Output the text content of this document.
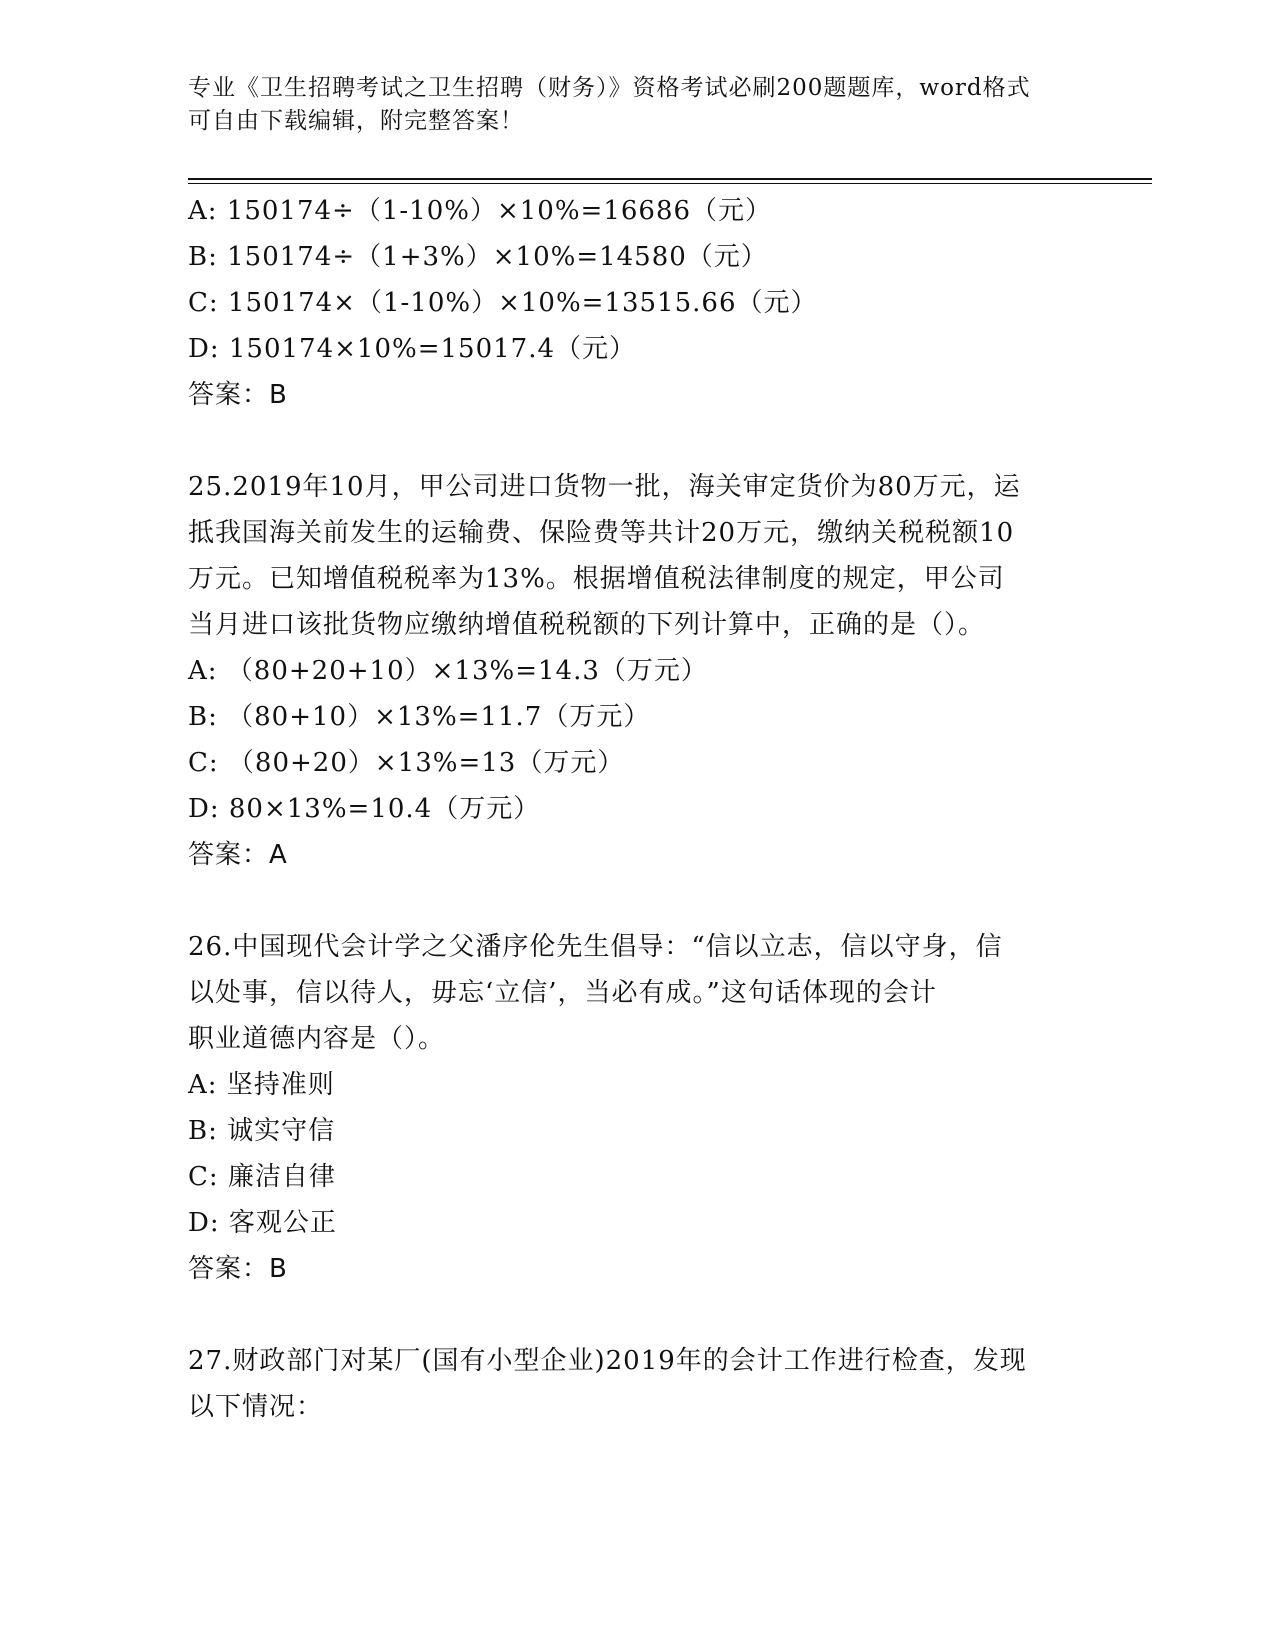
专业《卫生招聘考试之卫生招聘（财务）》资格考试必刷200题题库，word格式
可自由下载编辑，附完整答案！
A: 150174÷（1-10%）×10%=16686（元）
B: 150174÷（1+3%）×10%=14580（元）
C: 150174×（1-10%）×10%=13515.66（元）
D: 150174×10%=15017.4（元）
答案：B
25.2019年10月，甲公司进口货物一批，海关审定货价为80万元，运
抵我国海关前发生的运输费、保险费等共计20万元，缴纳关税税额10
万元。已知增值税税率为13%。根据增值税法律制度的规定，甲公司
当月进口该批货物应缴纳增值税税额的下列计算中，正确的是（）。
A: （80+20+10）×13%=14.3（万元）
B: （80+10）×13%=11.7（万元）
C: （80+20）×13%=13（万元）
D: 80×13%=10.4（万元）
答案：A
26.中国现代会计学之父潘序伦先生倡导：“信以立志，信以守身，信
以处事，信以待人，毋忘‘立信’，当必有成。”这句话体现的会计
职业道德内容是（）。
A: 坚持准则
B: 诚实守信
C: 廉洁自律
D: 客观公正
答案：B
27.财政部门对某厂(国有小型企业)2019年的会计工作进行检查，发现
以下情况：
